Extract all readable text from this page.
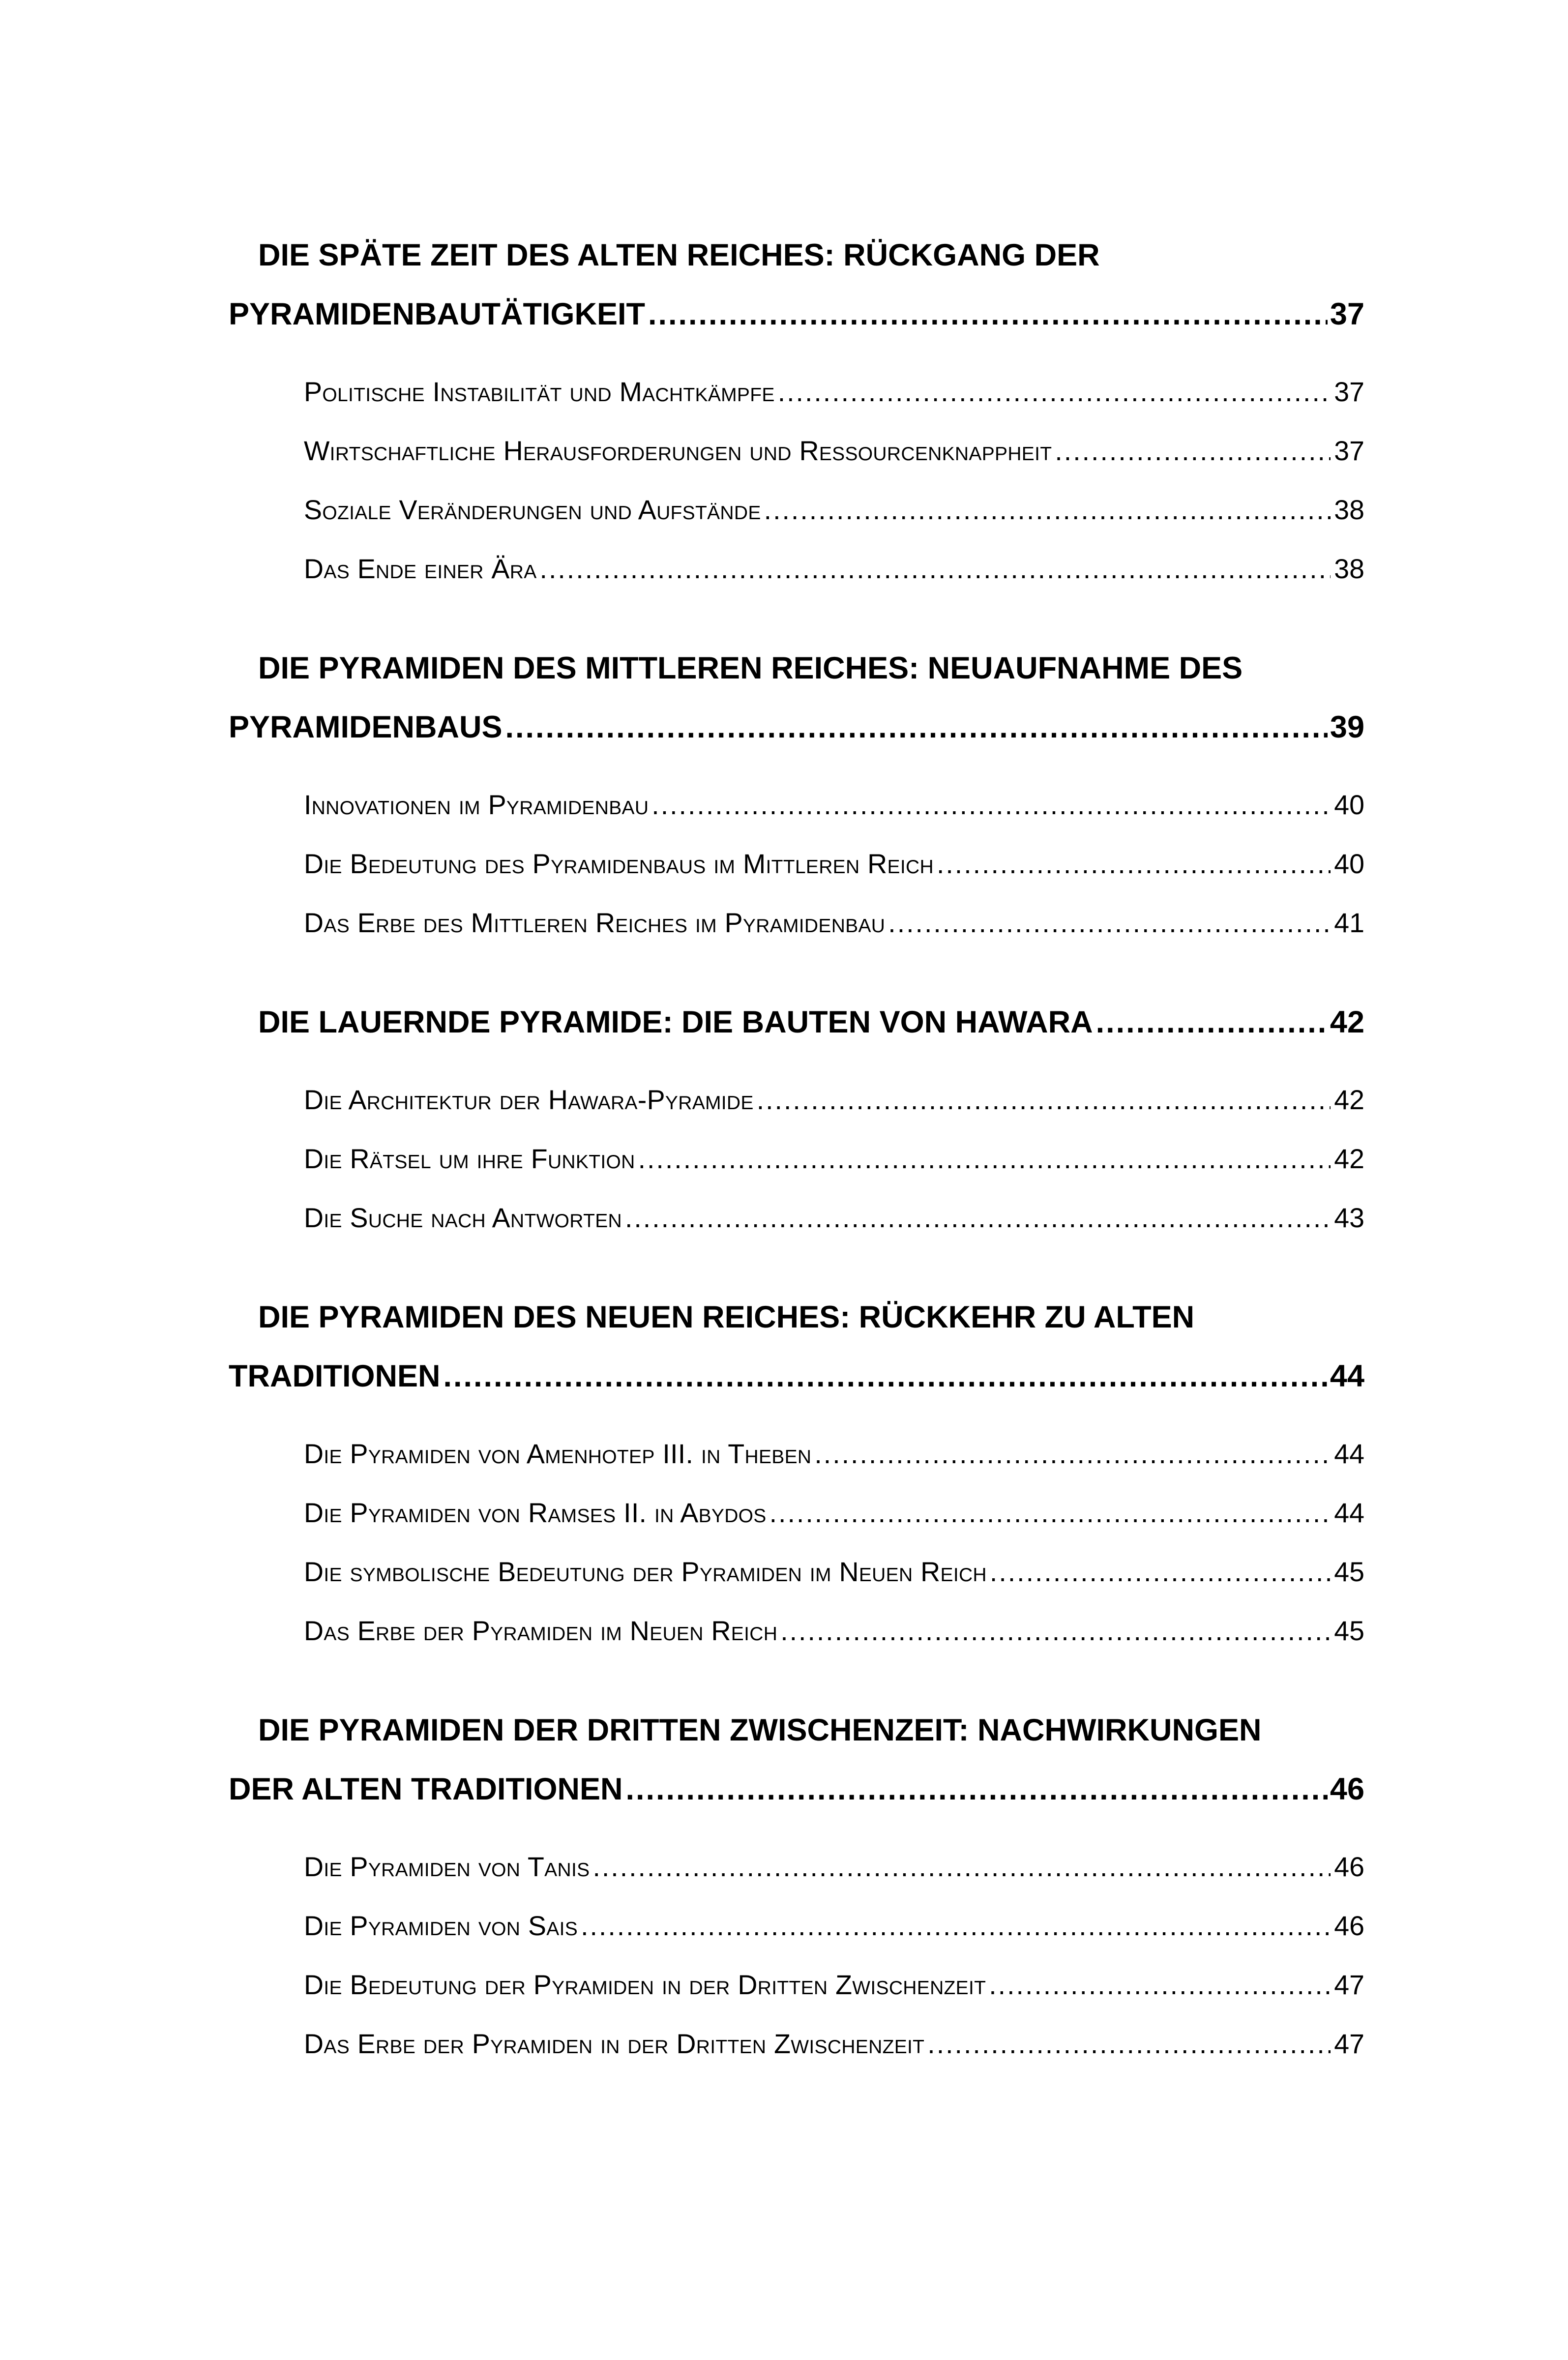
DIE SPÄTE ZEIT DES ALTEN REICHES: RÜCKGANG DER
PYRAMIDENBAUTÄTIGKEIT .....	37
Politische Instabilität und Machtkämpfe .....	37
Wirtschaftliche Herausforderungen und Ressourcenknappheit .....	37
Soziale Veränderungen und Aufstände .....	38
Das Ende einer Ära .....	38
DIE PYRAMIDEN DES MITTLEREN REICHES: NEUAUFNAHME DES
PYRAMIDENBAUS .....	39
Innovationen im Pyramidenbau .....	40
Die Bedeutung des Pyramidenbaus im Mittleren Reich .....	40
Das Erbe des Mittleren Reiches im Pyramidenbau .....	41
DIE LAUERNDE PYRAMIDE: DIE BAUTEN VON HAWARA .....	42
Die Architektur der Hawara-Pyramide .....	42
Die Rätsel um ihre Funktion .....	42
Die Suche nach Antworten .....	43
DIE PYRAMIDEN DES NEUEN REICHES: RÜCKKEHR ZU ALTEN
TRADITIONEN .....	44
Die Pyramiden von Amenhotep III. in Theben .....	44
Die Pyramiden von Ramses II. in Abydos .....	44
Die symbolische Bedeutung der Pyramiden im Neuen Reich .....	45
Das Erbe der Pyramiden im Neuen Reich .....	45
DIE PYRAMIDEN DER DRITTEN ZWISCHENZEIT: NACHWIRKUNGEN
DER ALTEN TRADITIONEN .....	46
Die Pyramiden von Tanis .....	46
Die Pyramiden von Sais .....	46
Die Bedeutung der Pyramiden in der Dritten Zwischenzeit .....	47
Das Erbe der Pyramiden in der Dritten Zwischenzeit .....	47
